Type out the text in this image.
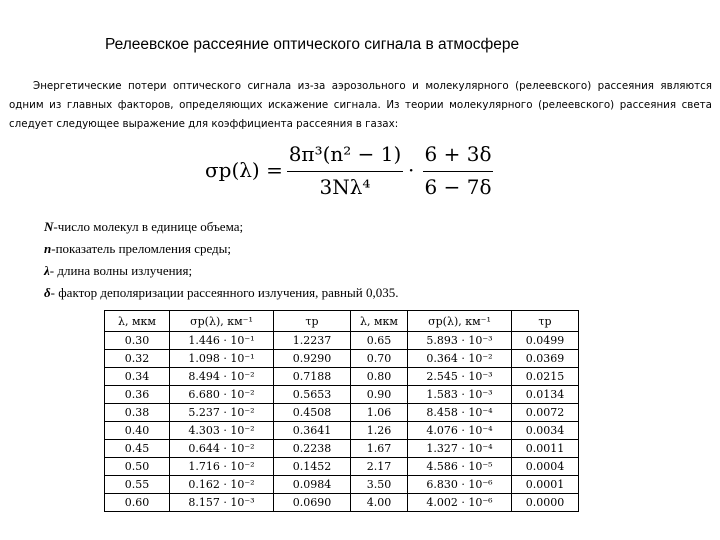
Релеевское рассеяние оптического сигнала в атмосфере
Энергетические потери оптического сигнала из-за аэрозольного и молекулярного (релеевского) рассеяния являются одним из главных факторов, определяющих искажение сигнала. Из теории молекулярного (релеевского) рассеяния света следует следующее выражение для коэффициента рассеяния в газах:
σp(λ) =
8π³(n² − 1)
3Nλ⁴
·
6 + 3δ
6 − 7δ
N-число молекул в единице объема;
n-показатель преломления среды;
λ- длина волны излучения;
δ- фактор деполяризации рассеянного излучения, равный 0,035.
λ, мкм	σp(λ), км⁻¹	τp	λ, мкм	σp(λ), км⁻¹	τp
0.30	1.446 · 10⁻¹	1.2237	0.65	5.893 · 10⁻³	0.0499
0.32	1.098 · 10⁻¹	0.9290	0.70	0.364 · 10⁻²	0.0369
0.34	8.494 · 10⁻²	0.7188	0.80	2.545 · 10⁻³	0.0215
0.36	6.680 · 10⁻²	0.5653	0.90	1.583 · 10⁻³	0.0134
0.38	5.237 · 10⁻²	0.4508	1.06	8.458 · 10⁻⁴	0.0072
0.40	4.303 · 10⁻²	0.3641	1.26	4.076 · 10⁻⁴	0.0034
0.45	0.644 · 10⁻²	0.2238	1.67	1.327 · 10⁻⁴	0.0011
0.50	1.716 · 10⁻²	0.1452	2.17	4.586 · 10⁻⁵	0.0004
0.55	0.162 · 10⁻²	0.0984	3.50	6.830 · 10⁻⁶	0.0001
0.60	8.157 · 10⁻³	0.0690	4.00	4.002 · 10⁻⁶	0.0000
